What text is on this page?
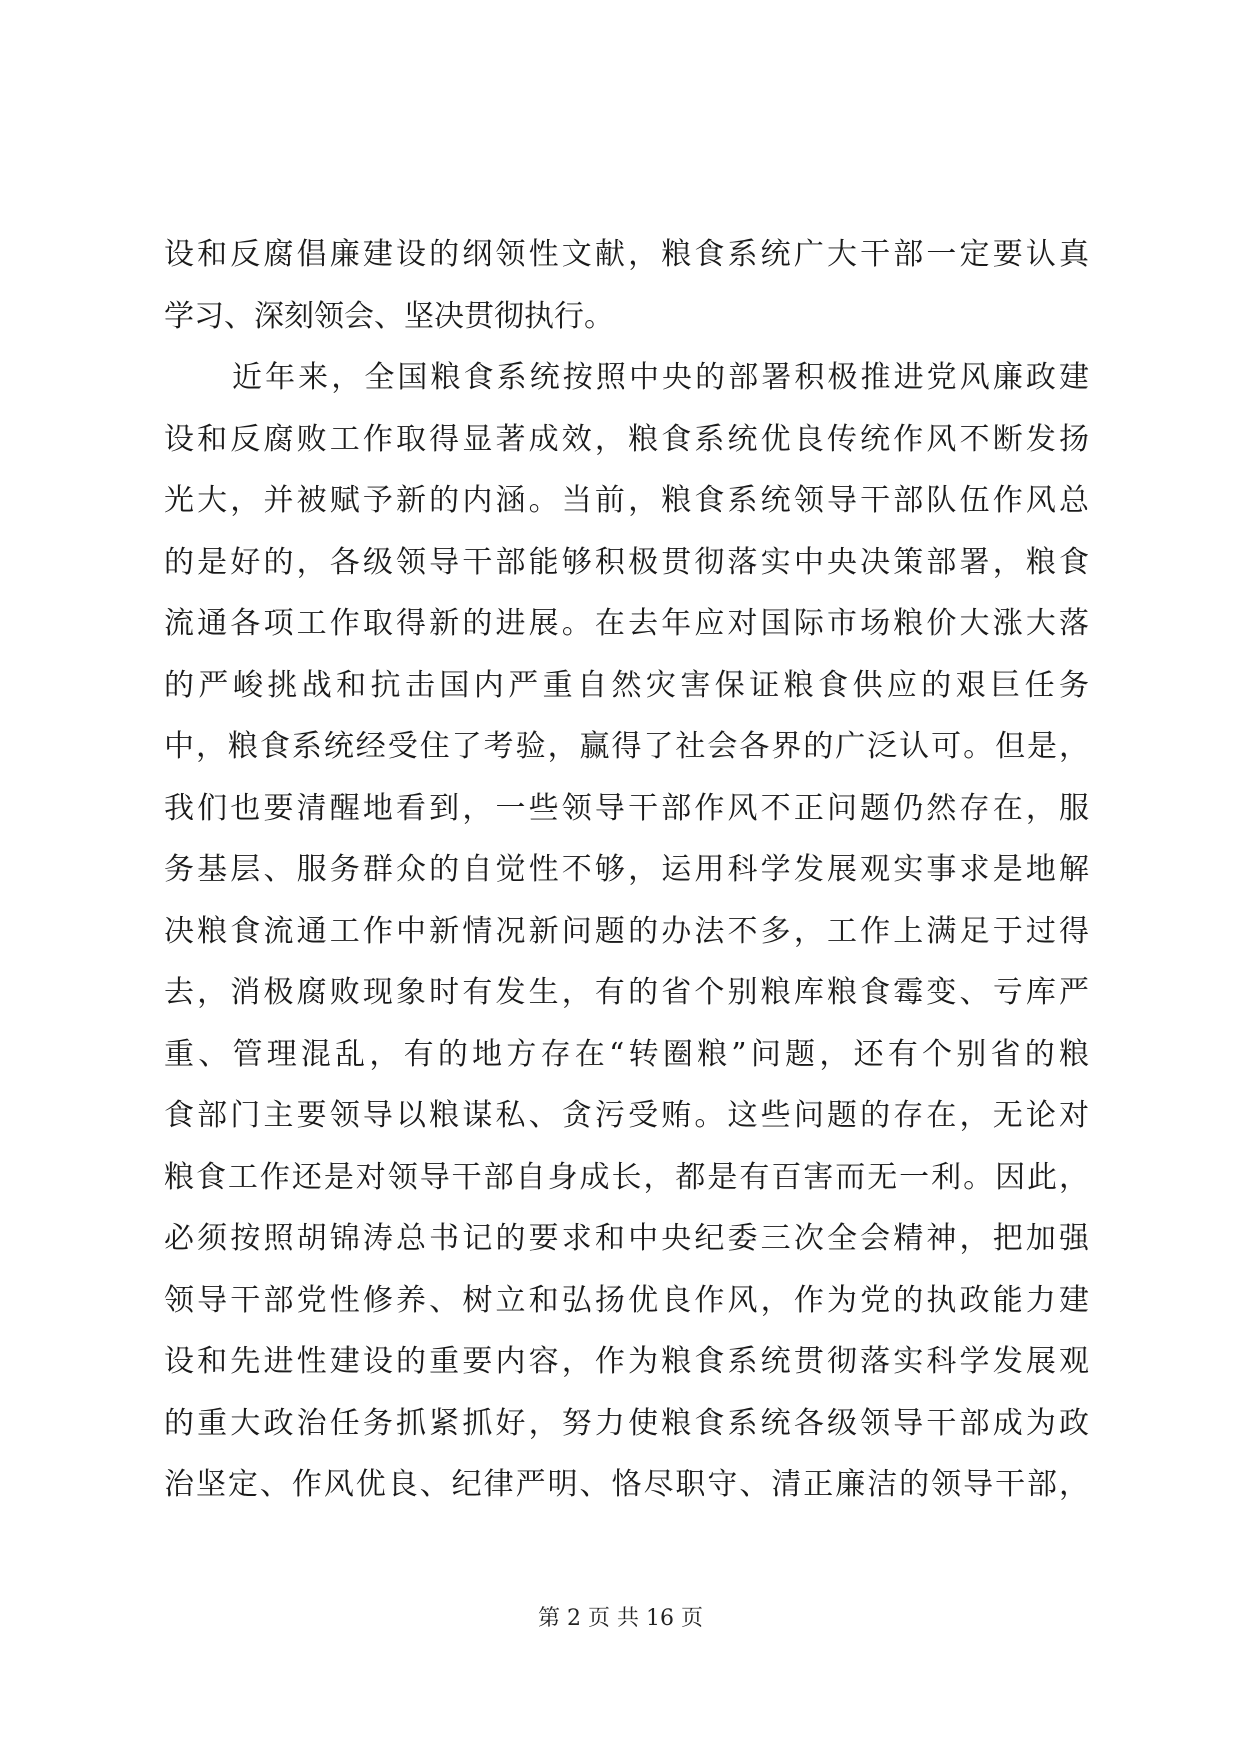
设和反腐倡廉建设的纲领性文献，粮食系统广大干部一定要认真
学习、深刻领会、坚决贯彻执行。
近年来，全国粮食系统按照中央的部署积极推进党风廉政建
设和反腐败工作取得显著成效，粮食系统优良传统作风不断发扬
光大，并被赋予新的内涵。当前，粮食系统领导干部队伍作风总
的是好的，各级领导干部能够积极贯彻落实中央决策部署，粮食
流通各项工作取得新的进展。在去年应对国际市场粮价大涨大落
的严峻挑战和抗击国内严重自然灾害保证粮食供应的艰巨任务
中，粮食系统经受住了考验，赢得了社会各界的广泛认可。但是，
我们也要清醒地看到，一些领导干部作风不正问题仍然存在，服
务基层、服务群众的自觉性不够，运用科学发展观实事求是地解
决粮食流通工作中新情况新问题的办法不多，工作上满足于过得
去，消极腐败现象时有发生，有的省个别粮库粮食霉变、亏库严
重、管理混乱，有的地方存在“转圈粮”问题，还有个别省的粮
食部门主要领导以粮谋私、贪污受贿。这些问题的存在，无论对
粮食工作还是对领导干部自身成长，都是有百害而无一利。因此，
必须按照胡锦涛总书记的要求和中央纪委三次全会精神，把加强
领导干部党性修养、树立和弘扬优良作风，作为党的执政能力建
设和先进性建设的重要内容，作为粮食系统贯彻落实科学发展观
的重大政治任务抓紧抓好，努力使粮食系统各级领导干部成为政
治坚定、作风优良、纪律严明、恪尽职守、清正廉洁的领导干部，
第 2 页 共 16 页
